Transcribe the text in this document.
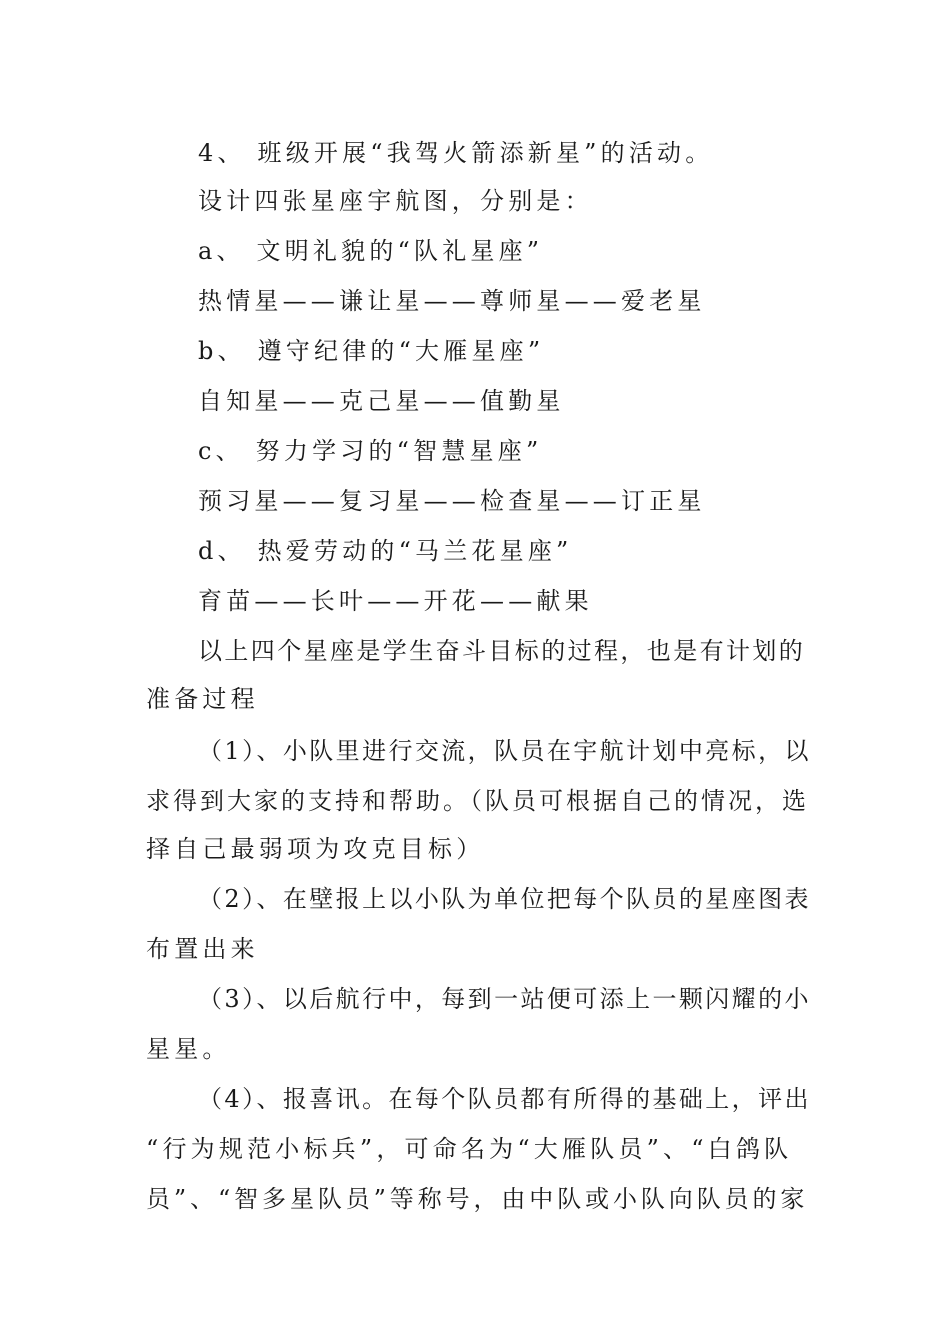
4、 班级开展“我驾火箭添新星”的活动。
设计四张星座宇航图，分别是：
a、 文明礼貌的“队礼星座”
热情星——谦让星——尊师星——爱老星
b、 遵守纪律的“大雁星座”
自知星——克己星——值勤星
c、 努力学习的“智慧星座”
预习星——复习星——检查星——订正星
d、 热爱劳动的“马兰花星座”
育苗——长叶——开花——献果
以上四个星座是学生奋斗目标的过程，也是有计划的
准备过程
（1）、小队里进行交流，队员在宇航计划中亮标，以
求得到大家的支持和帮助。（队员可根据自己的情况，选
择自己最弱项为攻克目标）
（2）、在壁报上以小队为单位把每个队员的星座图表
布置出来
（3）、以后航行中，每到一站便可添上一颗闪耀的小
星星。
（4）、报喜讯。在每个队员都有所得的基础上，评出
“行为规范小标兵”，可命名为“大雁队员”、“白鸽队
员”、“智多星队员”等称号，由中队或小队向队员的家
